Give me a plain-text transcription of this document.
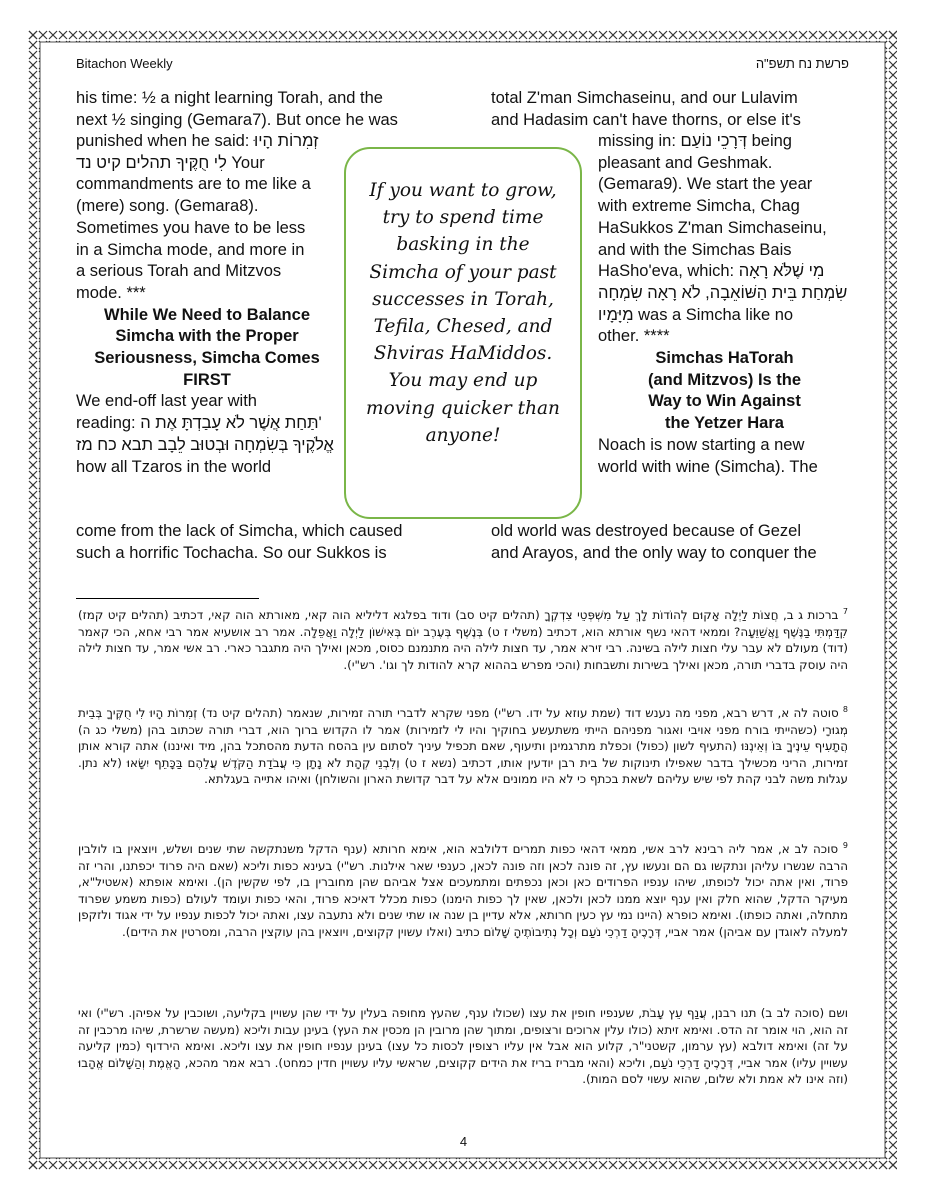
Bitachon Weekly	פרשת נח תשפ"ה

his time: ½ a night learning Torah, and the

next ½ singing (Gemara7). But once he was

punished when he said: זְמִרוֹת הָיוּ

לִי חֻקֶּיךָ תהלים קיט נד Your

commandments are to me like a

(mere) song. (Gemara8).

Sometimes you have to be less

in a Simcha mode, and more in

a serious Torah and Mitzvos

mode. ***

While We Need to Balance

Simcha with the Proper

Seriousness, Simcha Comes

FIRST

We end-off last year with

reading: תַּחַת אֲשֶׁר לֹא עָבַדְתָּ אֶת ה'

אֱלֹקֶיךָ בְּשִׂמְחָה וּבְטוּב לֵבָב תבא כח מז

how all Tzaros in the world

come from the lack of Simcha, which caused

such a horrific Tochacha. So our Sukkos is

If you want to grow, try to spend time basking in the Simcha of your past successes in Torah, Tefila, Chesed, and Shviras HaMiddos. You may end up moving quicker than anyone!

total Z'man Simchaseinu, and our Lulavim

and Hadasim can't have thorns, or else it's

missing in: דְּרָכֵי נוֹעַם being

pleasant and Geshmak.

(Gemara9). We start the year

with extreme Simcha, Chag

HaSukkos Z'man Simchaseinu,

and with the Simchas Bais

HaSho'eva, which: מִי שֶׁלֹּא רָאָה

שִׂמְחַת בֵּית הַשּׁוֹאֵבָה, לֹא רָאָה שִׂמְחָה

מִיָּמָיו was a Simcha like no

other. ****

Simchas HaTorah

(and Mitzvos) Is the

Way to Win Against

the Yetzer Hara

Noach is now starting a new

world with wine (Simcha). The

old world was destroyed because of Gezel

and Arayos, and the only way to conquer the

$^7$ ברכות ג ב, חֲצוֹת לַיְלָה אָקוּם לְהוֹדוֹת לָךְ עַל מִשְׁפְּטֵי צִדְקֶךָ (תהלים קיט סב) ודוד בפלגא דליליא הוה קאי, מאורתא הוה קאי, דכתיב (תהלים קיט קמז) קִדַּמְתִּי בַנֶּשֶׁף וָאֲשַׁוֵּעָה? וממאי דהאי נשף אורתא הוא, דכתיב (משלי ז ט) בְּנֶשֶׁף בְּעֶרֶב יוֹם בְּאִישׁוֹן לַיְלָה וַאֲפֵלָה. אמר רב אושעיא אמר רבי אחא, הכי קאמר (דוד) מעולם לא עבר עלי חצות לילה בשינה. רבי זירא אמר, עד חצות לילה היה מתנמנם כסוס, מכאן ואילך היה מתגבר כארי. רב אשי אמר, עד חצות לילה היה עוסק בדברי תורה, מכאן ואילך בשירות ותשבחות (והכי מפרש בההוא קרא להודות לך וגו'. רש"י).
$^8$ סוטה לה א, דרש רבא, מפני מה נענש דוד (שמת עוזא על ידו. רש"י) מפני שקרא לדברי תורה זמירות, שנאמר (תהלים קיט נד) זְמִרוֹת הָיוּ לִי חֻקֶּיךָ בְּבֵית מְגוּרָי (כשהייתי בורח מפני אויבי ואגור מפניהם הייתי משתעשע בחוקיך והיו לי לזמירות) אמר לו הקדוש ברוך הוא, דברי תורה שכתוב בהן (משלי כג ה) הֲתָעִיף עֵינֶיךָ בּוֹ וְאֵינֶנּוּ (התעיף לשון (כפול) וכפלת מתרגמינן ותיעוף, שאם תכפיל עיניך לסתום עין בהסח הדעת מהסתכל בהן, מיד ואיננו) אתה קורא אותן זמירות, הריני מכשילך בדבר שאפילו תינוקות של בית רבן יודעין אותו, דכתיב (נשא ז ט) וְלִבְנֵי קְהָת לֹא נָתָן כִּי עֲבֹדַת הַקֹּדֶשׁ עֲלֵהֶם בַּכָּתֵף יִשָּׂאוּ (לא נתן. עגלות משה לבני קהת לפי שיש עליהם לשאת בכתף כי לא היו ממונים אלא על דבר קדושת הארון והשולחן) ואיהו אתייה בעגלתא.
$^9$ סוכה לב א, אמר ליה רבינא לרב אשי, ממאי דהאי כפות תמרים דלולבא הוא, אימא חרותא (ענף הדקל משנתקשה שתי שנים ושלש, ויוצאין בו לולבין הרבה שנשרו עליהן ונתקשו גם הם ונעשו עץ, זה פונה לכאן וזה פונה לכאן, כענפי שאר אילנות. רש"י) בעינא כפות וליכא (שאם היה פרוד יכפתנו, והרי זה פרוד, ואין אתה יכול לכופתו, שיהו ענפיו הפרודים כאן וכאן נכפתים ומתמעכים אצל אביהם שהן מחוברין בו, לפי שקשין הן). ואימא אופתא (אשטיל"א, מעיקר הדקל, שהוא חלק ואין ענף יוצא ממנו לכאן ולכאן, שאין לך כפות הימנו) כפות מכלל דאיכא פרוד, והאי כפות ועומד לעולם (כפות משמע שפרוד מתחלה, ואתה כופתו). ואימא כופרא (היינו נמי עץ כעין חרותא, אלא עדיין בן שנה או שתי שנים ולא נתעבה עצו, ואתה יכול לכפות ענפיו על ידי אגוד ולזקפן למעלה לאוגדן עם אביהן) אמר אביי, דְּרָכֶיהָ דַרְכֵי נֹעַם וְכָל נְתִיבוֹתֶיהָ שָׁלוֹם כתיב (ואלו עשוין קקוצים, ויוצאין בהן עוקצין הרבה, ומסרטין את הידים).
ושם (סוכה לב ב) תנו רבנן, עֲנַף עֵץ עָבֹת, שענפיו חופין את עצו (שכולו ענף, שהעץ מחופה בעלין על ידי שהן עשויין בקליעה, ושוכבין על אפיהן. רש"י) ואי זה הוא, הוי אומר זה הדס. ואימא זיתא (כולו עלין ארוכים ורצופים, ומתוך שהן מרובין הן מכסין את העץ) בעינן עבות וליכא (מעשה שרשרת, שיהו מרכבין זה על זה) ואימא דולבא (עץ ערמון, קשטני"ר, קלוע הוא אבל אין עליו רצופין לכסות כל עצו) בעינן ענפיו חופין את עצו וליכא. ואימא הירדוף (כמין קליעה עשויין עליו) אמר אביי, דְּרָכֶיהָ דַרְכֵי נֹעַם, וליכא (והאי מבריז בריז את הידים קקוצים, שראשי עליו עשויין חדין כמחט). רבא אמר מהכא, הָאֱמֶת וְהַשָּׁלוֹם אֱהָבוּ (וזה אינו לא אמת ולא שלום, שהוא עשוי לסם המות).
4
